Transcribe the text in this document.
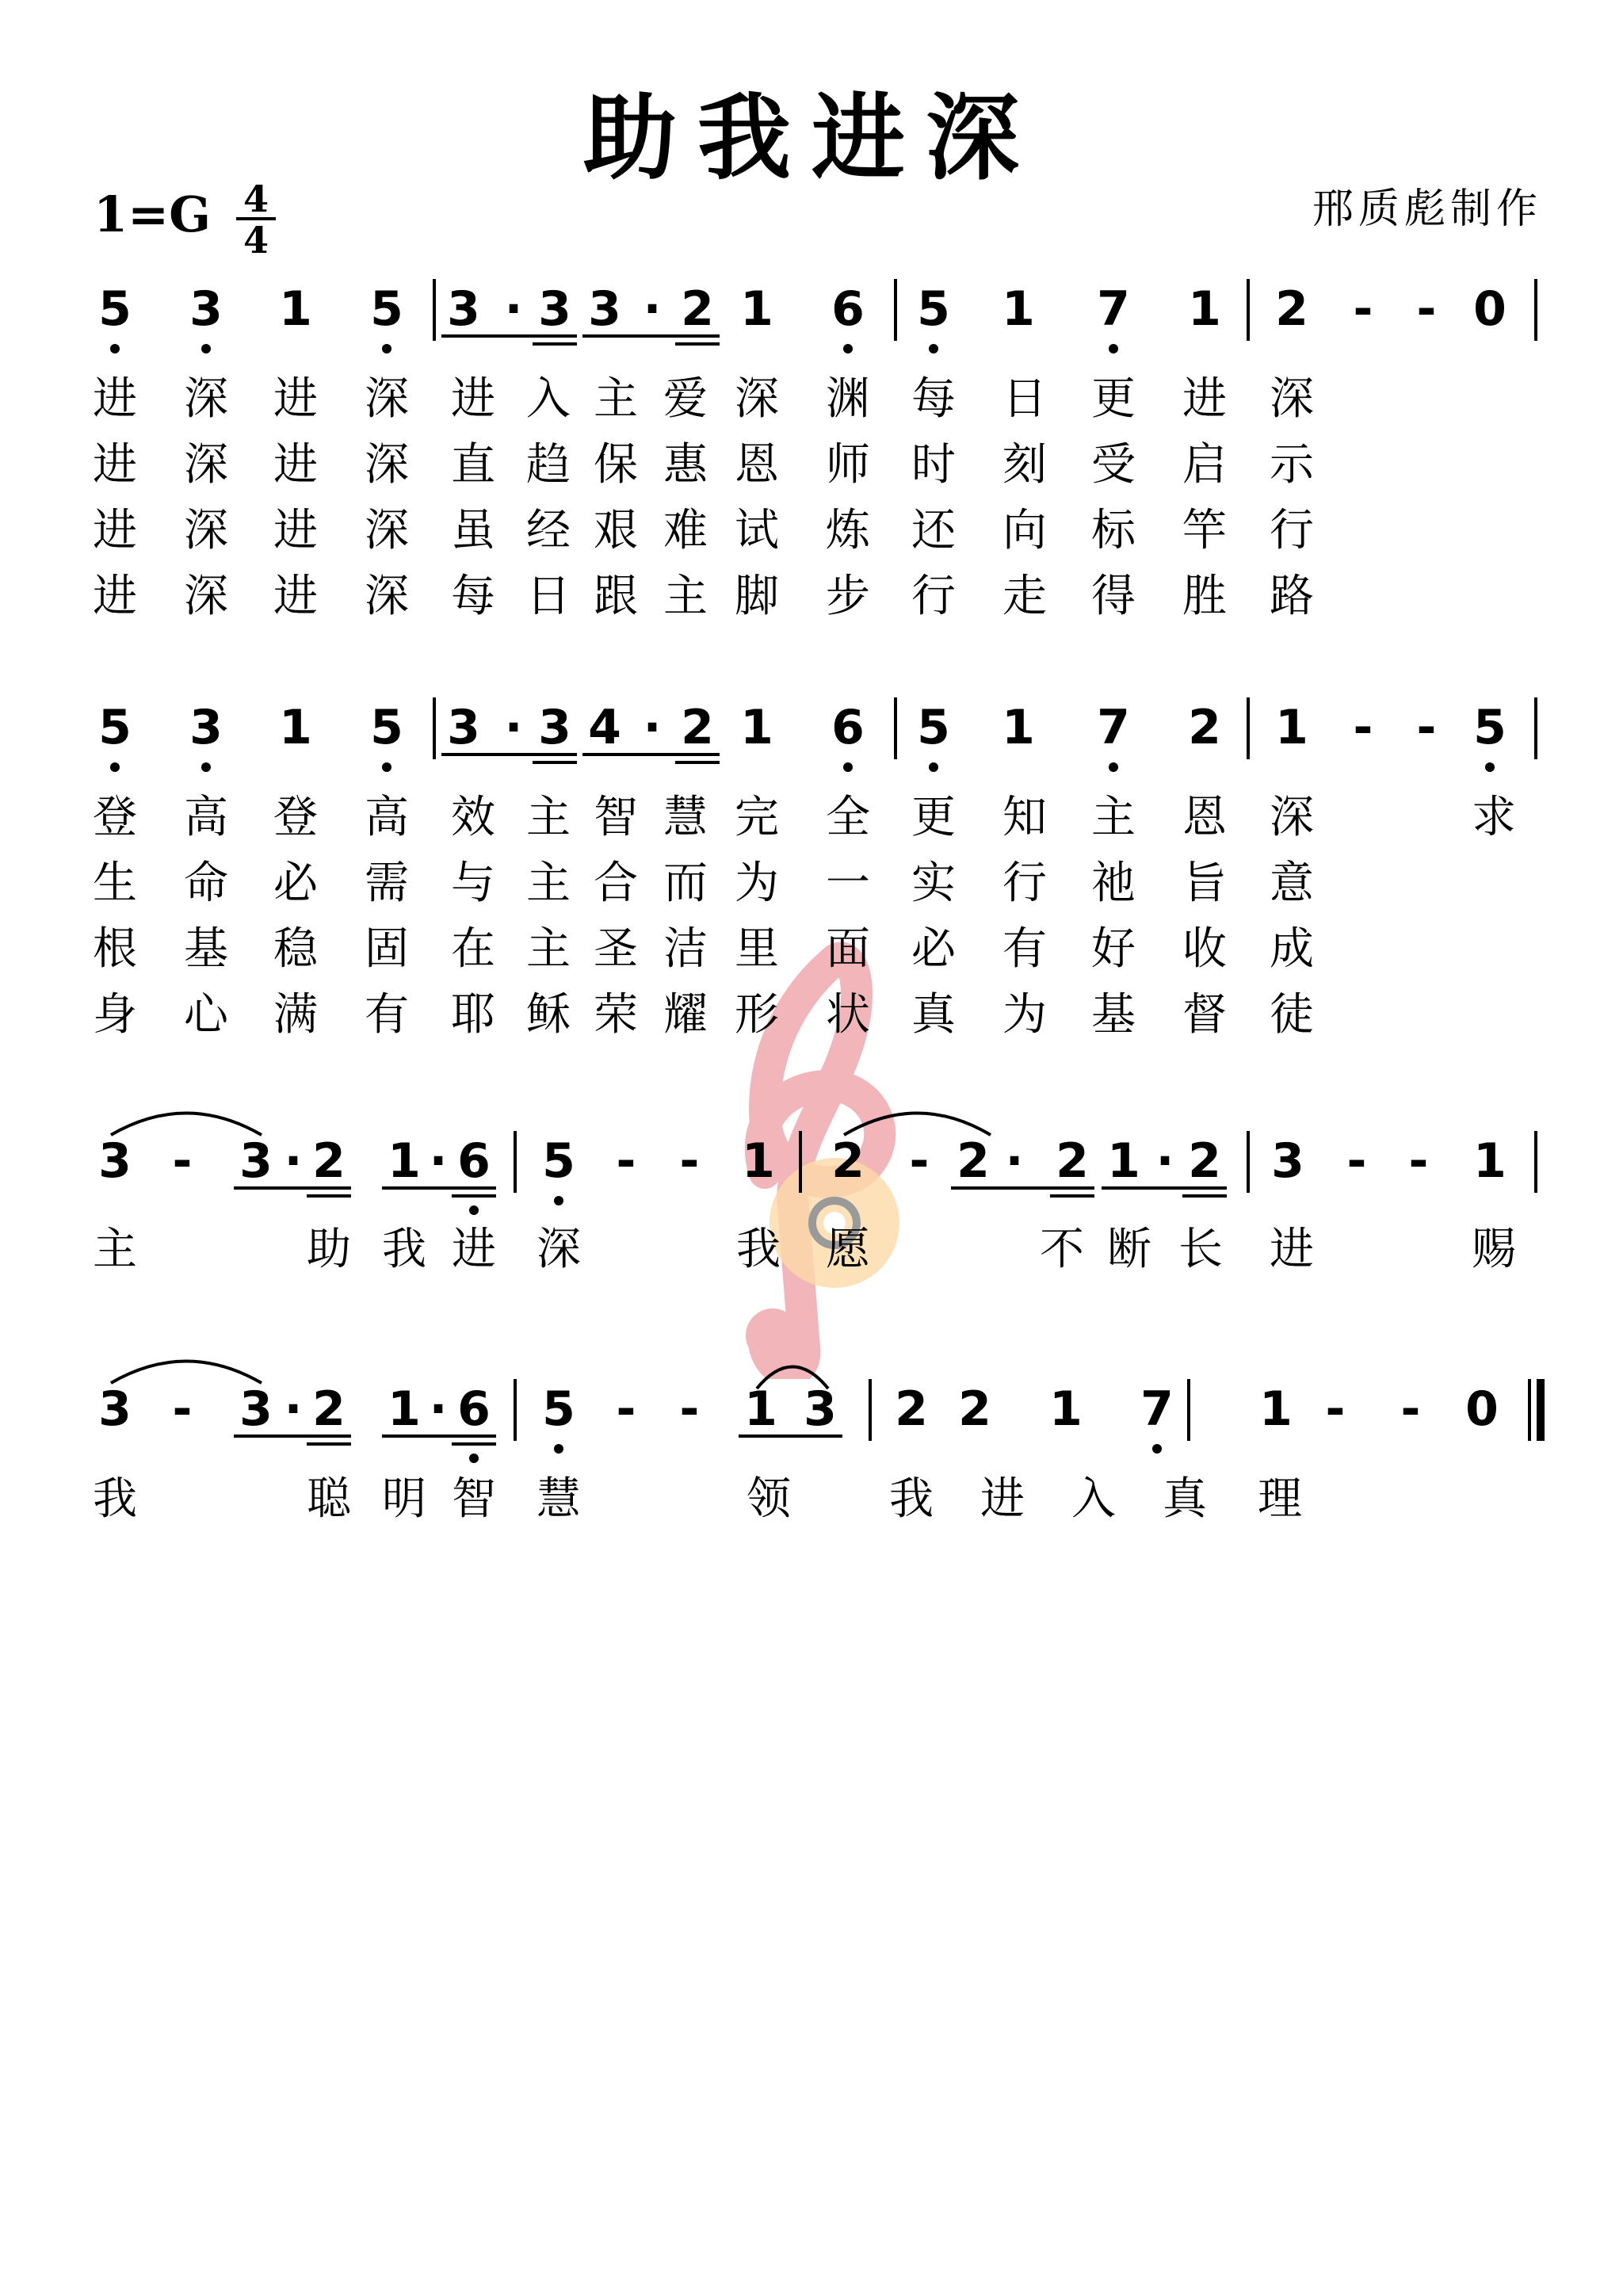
助我进深
邢质彪制作
1=G 4
4
5 3 1 5 3 · 3 3 · 2 1 6 5 1 7 1 2 - - 0
进 深 进 深 进 入 主 爱 深 渊 每 日 更 进 深
进 深 进 深 直 趋 保 惠 恩 师 时 刻 受 启 示
进 深 进 深 虽 经 艰 难 试 炼 还 向 标 竿 行
进 深 进 深 每 日 跟 主 脚 步 行 走 得 胜 路
5 3 1 5 3 · 3 4 · 2 1 6 5 1 7 2 1 - - 5
登 高 登 高 效 主 智 慧 完 全 更 知 主 恩 深	求
生 命 必 需 与 主 合 而 为 一 实 行 祂 旨 意
根 基 稳 固 在 主 圣 洁 里 面 必 有 好 收 成
身 心 满 有 耶 稣 荣 耀 形 状 真 为 基 督 徒
3 - 3 · 2 1 · 6 5 - - 1 2 - 2 · 2 1 · 2 3 - - 1
主	助 我 进 深	我 愿	不 断 长 进	赐
3 - 3 · 2 1 · 6 5 - - 1 3 2 2 1 7 1 - - 0
我	聪 明 智 慧	领 我 进 入 真 理
